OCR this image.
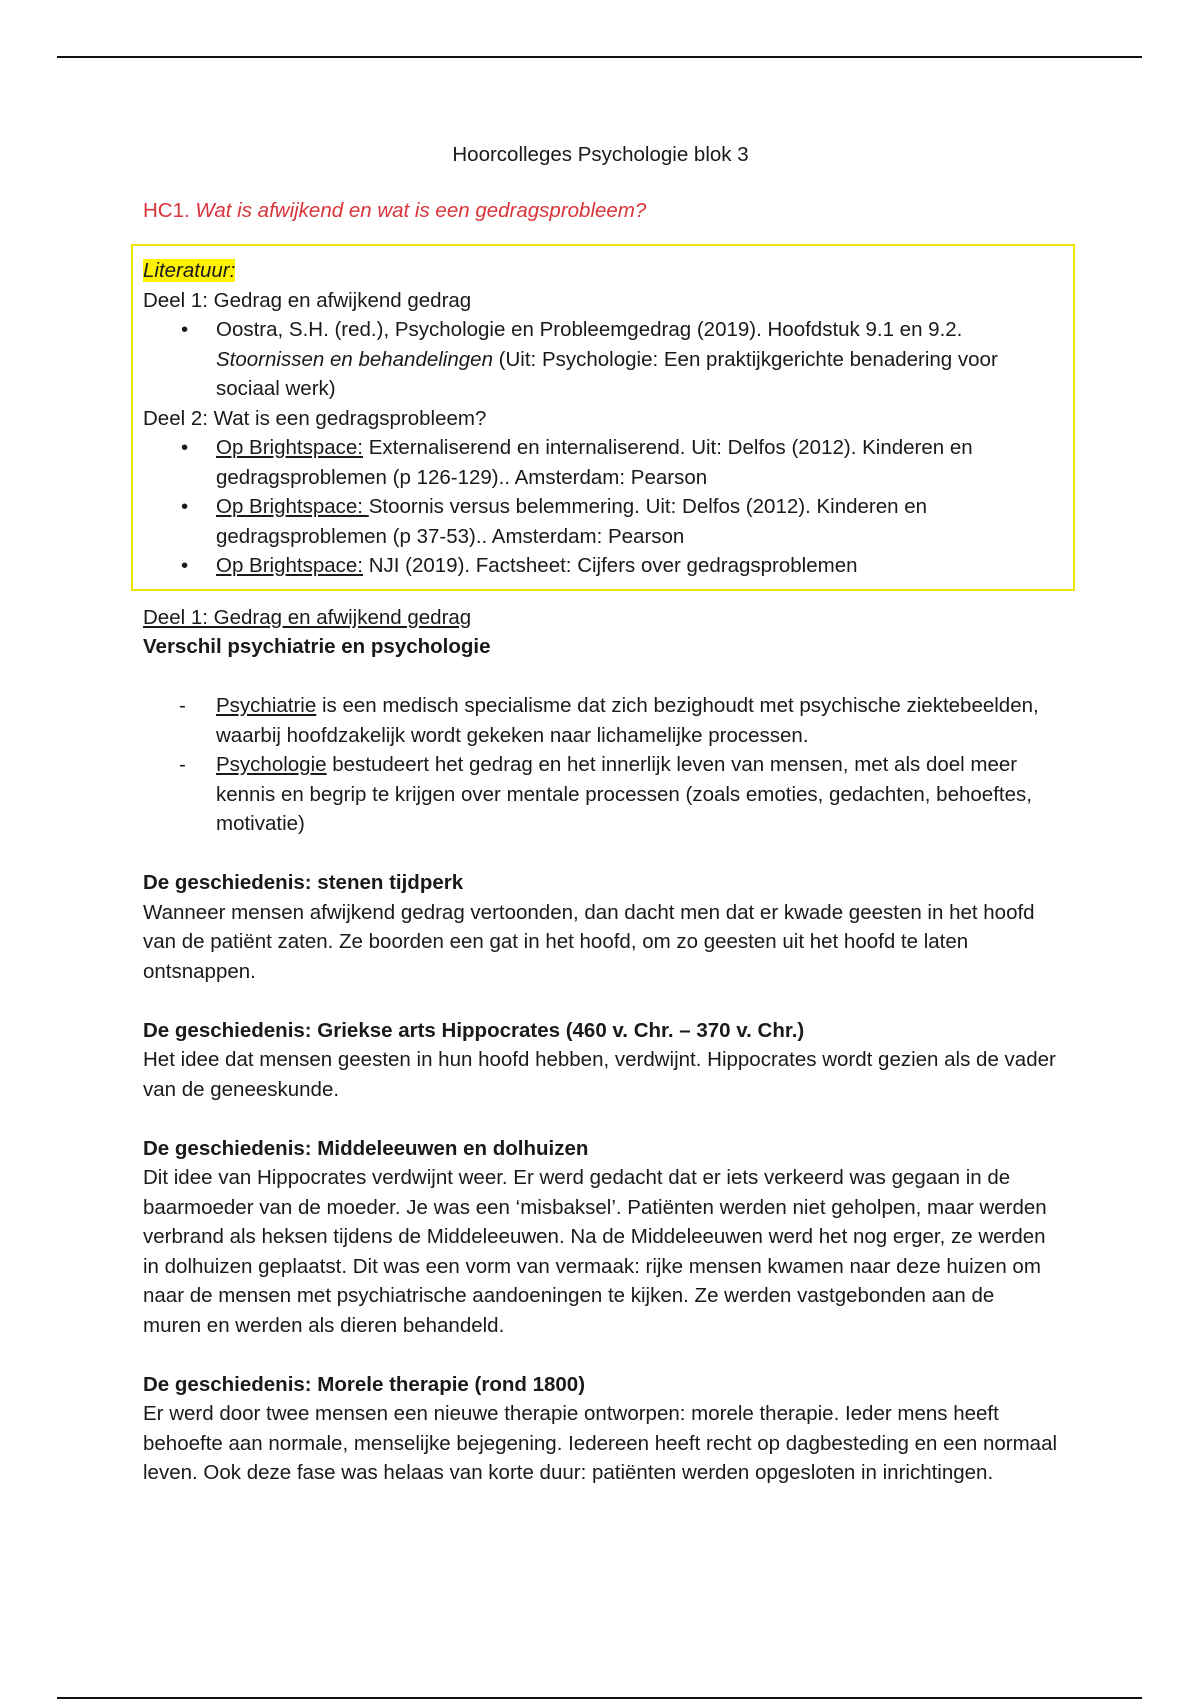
Hoorcolleges Psychologie blok 3

HC1. Wat is afwijkend en wat is een gedragsprobleem?

Literatuur:

Deel 1: Gedrag en afwijkend gedrag

• Oostra, S.H. (red.), Psychologie en Probleemgedrag (2019). Hoofdstuk 9.1 en 9.2. Stoornissen en behandelingen (Uit: Psychologie: Een praktijkgerichte benadering voor sociaal werk)

Deel 2: Wat is een gedragsprobleem?

• Op Brightspace: Externaliserend en internaliserend. Uit: Delfos (2012). Kinderen en gedragsproblemen (p 126-129).. Amsterdam: Pearson
• Op Brightspace: Stoornis versus belemmering. Uit: Delfos (2012). Kinderen en gedragsproblemen (p 37-53).. Amsterdam: Pearson
• Op Brightspace: NJI (2019). Factsheet: Cijfers over gedragsproblemen

Deel 1: Gedrag en afwijkend gedrag

Verschil psychiatrie en psychologie

- Psychiatrie is een medisch specialisme dat zich bezighoudt met psychische ziektebeelden, waarbij hoofdzakelijk wordt gekeken naar lichamelijke processen.
- Psychologie bestudeert het gedrag en het innerlijk leven van mensen, met als doel meer kennis en begrip te krijgen over mentale processen (zoals emoties, gedachten, behoeftes, motivatie)

De geschiedenis: stenen tijdperk

Wanneer mensen afwijkend gedrag vertoonden, dan dacht men dat er kwade geesten in het hoofd van de patiënt zaten. Ze boorden een gat in het hoofd, om zo geesten uit het hoofd te laten ontsnappen.

De geschiedenis: Griekse arts Hippocrates (460 v. Chr. – 370 v. Chr.)

Het idee dat mensen geesten in hun hoofd hebben, verdwijnt. Hippocrates wordt gezien als de vader van de geneeskunde.

De geschiedenis: Middeleeuwen en dolhuizen

Dit idee van Hippocrates verdwijnt weer. Er werd gedacht dat er iets verkeerd was gegaan in de baarmoeder van de moeder. Je was een ‘misbaksel’. Patiënten werden niet geholpen, maar werden verbrand als heksen tijdens de Middeleeuwen. Na de Middeleeuwen werd het nog erger, ze werden in dolhuizen geplaatst. Dit was een vorm van vermaak: rijke mensen kwamen naar deze huizen om naar de mensen met psychiatrische aandoeningen te kijken. Ze werden vastgebonden aan de muren en werden als dieren behandeld.

De geschiedenis: Morele therapie (rond 1800)

Er werd door twee mensen een nieuwe therapie ontworpen: morele therapie. Ieder mens heeft behoefte aan normale, menselijke bejegening. Iedereen heeft recht op dagbesteding en een normaal leven. Ook deze fase was helaas van korte duur: patiënten werden opgesloten in inrichtingen.
